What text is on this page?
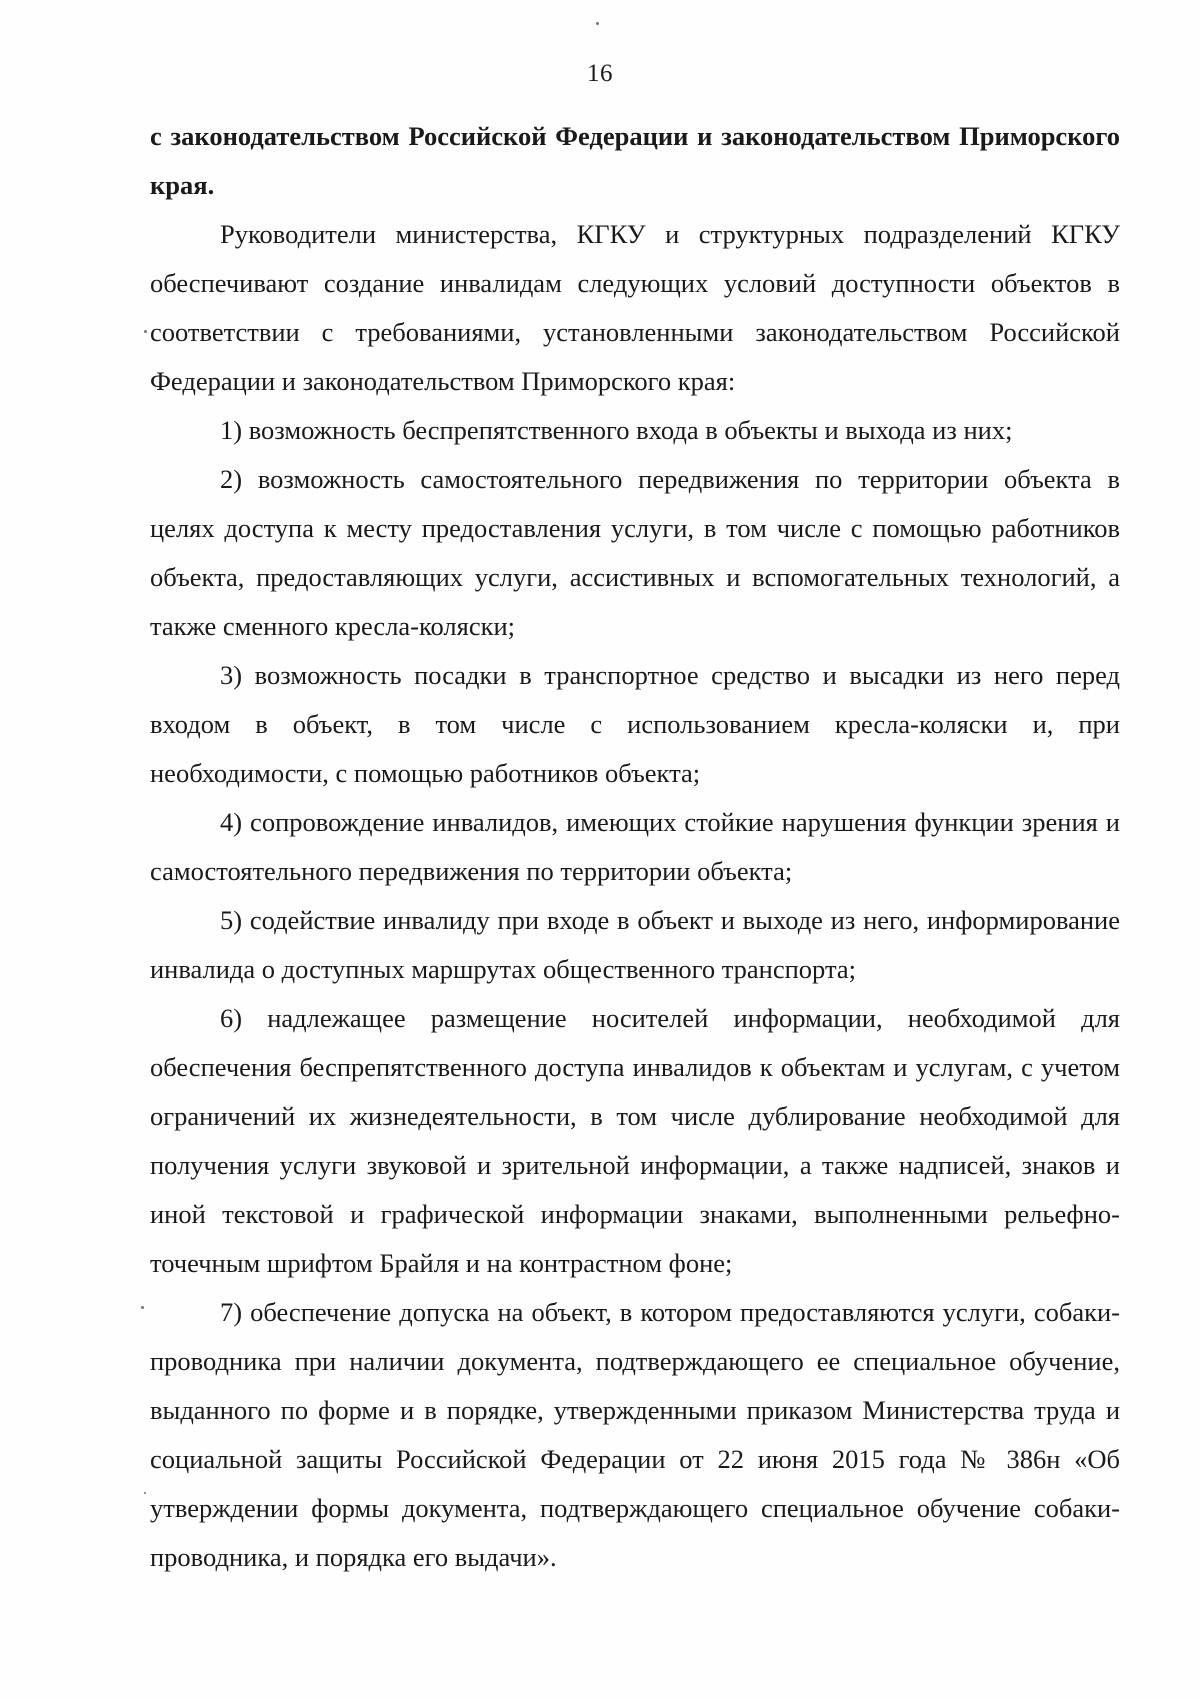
16

с законодательством Российской Федерации и законодательством Приморского края.

Руководители министерства, КГКУ и структурных подразделений КГКУ обеспечивают создание инвалидам следующих условий доступности объектов в соответствии с требованиями, установленными законодательством Российской Федерации и законодательством Приморского края:

1) возможность беспрепятственного входа в объекты и выхода из них;

2) возможность самостоятельного передвижения по территории объекта в целях доступа к месту предоставления услуги, в том числе с помощью работников объекта, предоставляющих услуги, ассистивных и вспомогательных технологий, а также сменного кресла-коляски;

3) возможность посадки в транспортное средство и высадки из него перед входом в объект, в том числе с использованием кресла-коляски и, при необходимости, с помощью работников объекта;

4) сопровождение инвалидов, имеющих стойкие нарушения функции зрения и самостоятельного передвижения по территории объекта;

5) содействие инвалиду при входе в объект и выходе из него, информирование инвалида о доступных маршрутах общественного транспорта;

6) надлежащее размещение носителей информации, необходимой для обеспечения беспрепятственного доступа инвалидов к объектам и услугам, с учетом ограничений их жизнедеятельности, в том числе дублирование необходимой для получения услуги звуковой и зрительной информации, а также надписей, знаков и иной текстовой и графической информации знаками, выполненными рельефно-точечным шрифтом Брайля и на контрастном фоне;

7) обеспечение допуска на объект, в котором предоставляются услуги, собаки-проводника при наличии документа, подтверждающего ее специальное обучение, выданного по форме и в порядке, утвержденными приказом Министерства труда и социальной защиты Российской Федерации от 22 июня 2015 года № 386н «Об утверждении формы документа, подтверждающего специальное обучение собаки-проводника, и порядка его выдачи».
